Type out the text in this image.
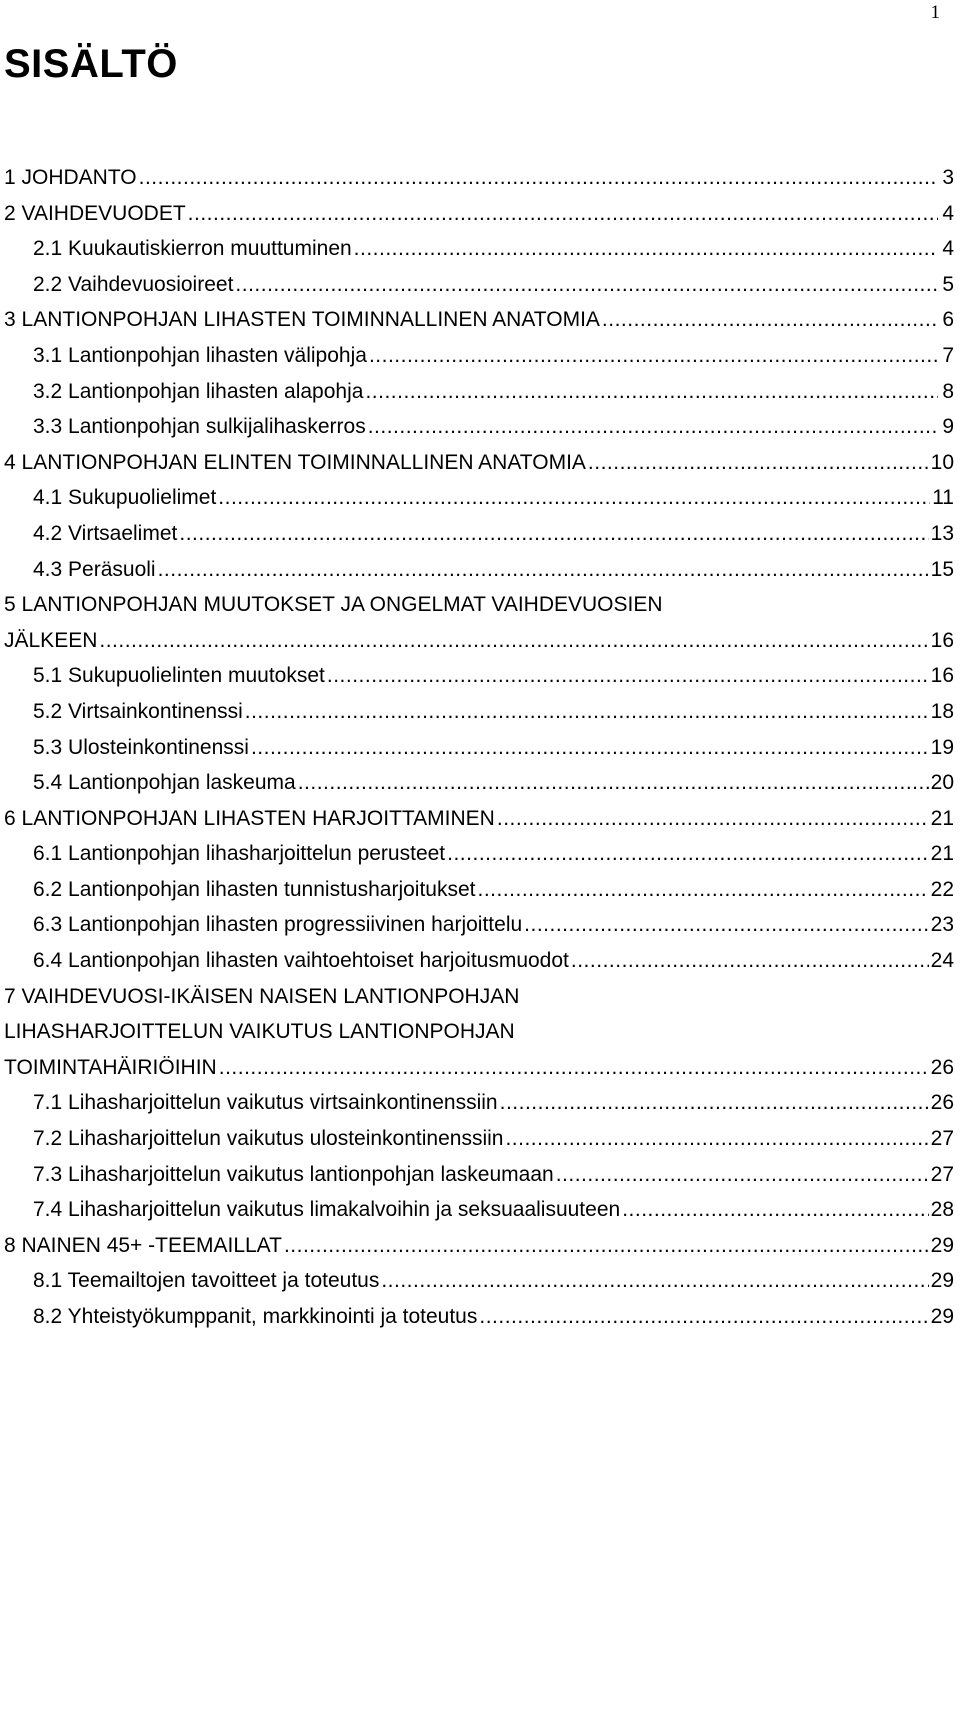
1
SISÄLTÖ
1 JOHDANTO .....	3
2 VAIHDEVUODET .....	4
2.1 Kuukautiskierron muuttuminen .....	4
2.2 Vaihdevuosioireet .....	5
3 LANTIONPOHJAN LIHASTEN TOIMINNALLINEN ANATOMIA .....	6
3.1 Lantionpohjan lihasten välipohja .....	7
3.2 Lantionpohjan lihasten alapohja .....	8
3.3 Lantionpohjan sulkijalihaskerros .....	9
4 LANTIONPOHJAN ELINTEN TOIMINNALLINEN ANATOMIA .....	10
4.1 Sukupuolielimet .....	11
4.2 Virtsaelimet .....	13
4.3 Peräsuoli .....	15
5 LANTIONPOHJAN MUUTOKSET JA ONGELMAT VAIHDEVUOSIEN
JÄLKEEN .....	16
5.1 Sukupuolielinten muutokset .....	16
5.2 Virtsainkontinenssi .....	18
5.3 Ulosteinkontinenssi .....	19
5.4 Lantionpohjan laskeuma .....	20
6 LANTIONPOHJAN LIHASTEN HARJOITTAMINEN .....	21
6.1 Lantionpohjan lihasharjoittelun perusteet .....	21
6.2 Lantionpohjan lihasten tunnistusharjoitukset .....	22
6.3 Lantionpohjan lihasten progressiivinen harjoittelu .....	23
6.4 Lantionpohjan lihasten vaihtoehtoiset harjoitusmuodot .....	24
7 VAIHDEVUOSI-IKÄISEN NAISEN LANTIONPOHJAN
LIHASHARJOITTELUN VAIKUTUS LANTIONPOHJAN
TOIMINTAHÄIRIÖIHIN .....	26
7.1 Lihasharjoittelun vaikutus virtsainkontinenssiin .....	26
7.2 Lihasharjoittelun vaikutus ulosteinkontinenssiin .....	27
7.3 Lihasharjoittelun vaikutus lantionpohjan laskeumaan .....	27
7.4 Lihasharjoittelun vaikutus limakalvoihin ja seksuaalisuuteen .....	28
8 NAINEN 45+ -TEEMAILLAT .....	29
8.1 Teemailtojen tavoitteet ja toteutus .....	29
8.2 Yhteistyökumppanit, markkinointi ja toteutus .....	29
